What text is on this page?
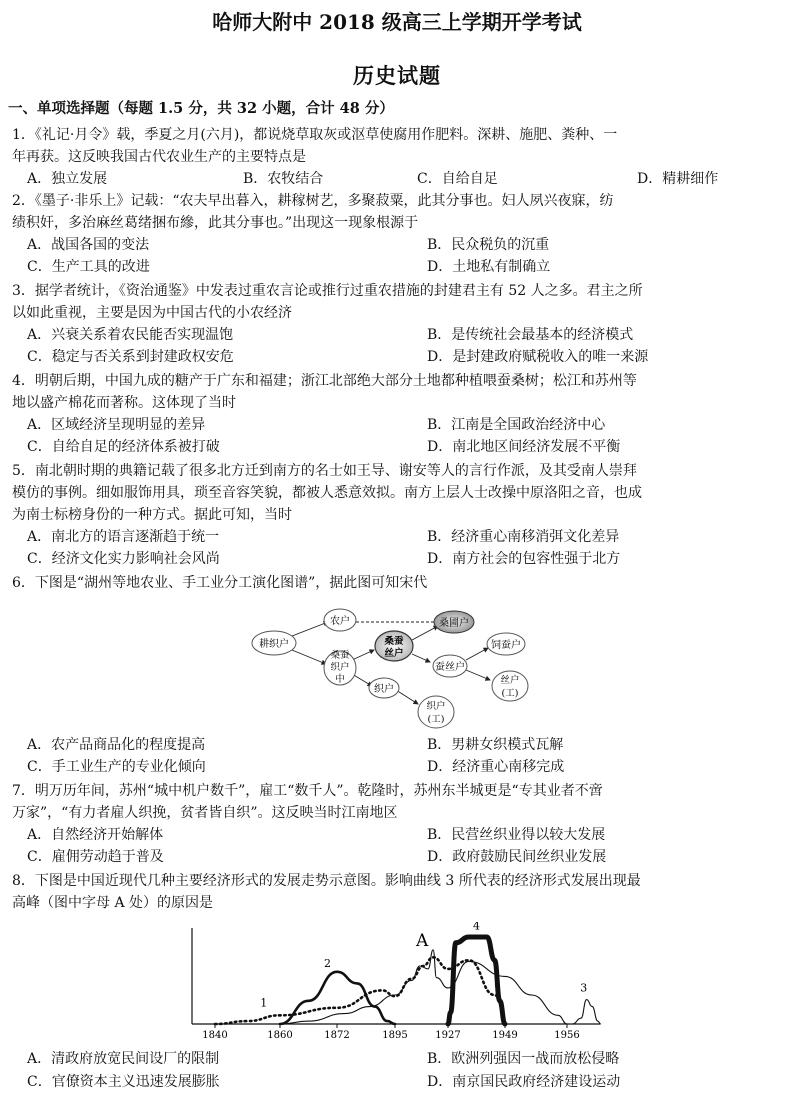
哈师大附中 2018 级高三上学期开学考试
历史试题
一、单项选择题（每题 1.5 分，共 32 小题，合计 48 分）
1．《礼记·月令》载，季夏之月(六月)，都说烧草取灰或沤草使腐用作肥料。深耕、施肥、粪种、一
年再获。这反映我国古代农业生产的主要特点是
A．独立发展	B．农牧结合	C．自给自足	D．精耕细作
2．《墨子·非乐上》记载：“农夫早出暮入，耕稼树艺，多聚菽粟，此其分事也。妇人夙兴夜寐，纺
绩积奸，多治麻丝葛绪捆布縿，此其分事也。”出现这一现象根源于
A．战国各国的变法	B．民众税负的沉重
C．生产工具的改进	D．土地私有制确立
3．据学者统计，《资治通鉴》中发表过重农言论或推行过重农措施的封建君主有 52 人之多。君主之所
以如此重视，主要是因为中国古代的小农经济
A．兴衰关系着农民能否实现温饱	B．是传统社会最基本的经济模式
C．稳定与否关系到封建政权安危	D．是封建政府赋税收入的唯一来源
4．明朝后期，中国九成的糖产于广东和福建；浙江北部绝大部分土地都种植喂蚕桑树；松江和苏州等
地以盛产棉花而著称。这体现了当时
A．区域经济呈现明显的差异	B．江南是全国政治经济中心
C．自给自足的经济体系被打破	D．南北地区间经济发展不平衡
5．南北朝时期的典籍记载了很多北方迁到南方的名士如王导、谢安等人的言行作派，及其受南人崇拜
模仿的事例。细如服饰用具，琐至音容笑貌，都被人悉意效拟。南方上层人士改操中原洛阳之音，也成
为南士标榜身份的一种方式。据此可知，当时
A．南北方的语言逐渐趋于统一	B．经济重心南移消弭文化差异
C．经济文化实力影响社会风尚	D．南方社会的包容性强于北方
6．下图是“湖州等地农业、手工业分工演化图谱”，据此图可知宋代
耕织户
农户
桑蚕
织户
中
桑蚕
丝户
桑圃户
蚕丝户
饲蚕户
织户
丝户
(工)
织户
(工)
A．农产品商品化的程度提高	B．男耕女织模式瓦解
C．手工业生产的专业化倾向	D．经济重心南移完成
7．明万历年间，苏州“城中机户数千”，雇工“数千人”。乾隆时，苏州东半城更是“专其业者不啻
万家”，“有力者雇人织挽，贫者皆自织”。这反映当时江南地区
A．自然经济开始解体	B．民营丝织业得以较大发展
C．雇佣劳动趋于普及	D．政府鼓励民间丝织业发展
8．下图是中国近现代几种主要经济形式的发展走势示意图。影响曲线 3 所代表的经济形式发展出现最
高峰（图中字母 A 处）的原因是
1840	1860	1872	1895	1927	1949	1956
1
2
3
4
A
A．清政府放宽民间设厂的限制	B．欧洲列强因一战而放松侵略
C．官僚资本主义迅速发展膨胀	D．南京国民政府经济建设运动
